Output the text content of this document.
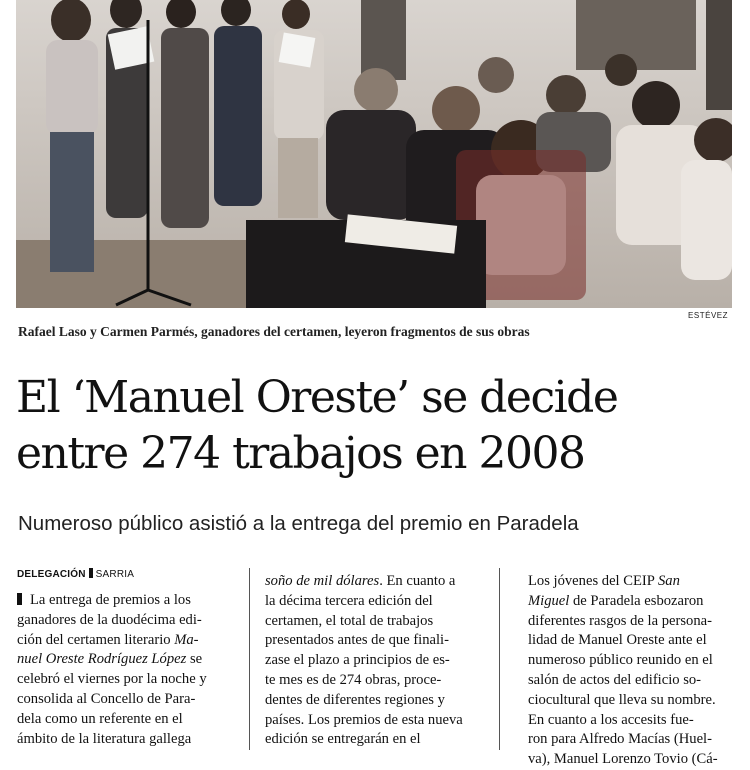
ESTÉVEZ
Rafael Laso y Carmen Parmés, ganadores del certamen, leyeron fragmentos de sus obras
El ‘Manuel Oreste’ se decide
entre 274 trabajos en 2008
Numeroso público asistió a la entrega del premio en Paradela
DELEGACIÓN SARRIA

La entrega de premios a los
ganadores de la duodécima edi-
ción del certamen literario Ma-
nuel Oreste Rodríguez López se
celebró el viernes por la noche y
consolida al Concello de Para-
dela como un referente en el
ámbito de la literatura gallega

soño de mil dólares. En cuanto a
la décima tercera edición del
certamen, el total de trabajos
presentados antes de que finali-
zase el plazo a principios de es-
te mes es de 274 obras, proce-
dentes de diferentes regiones y
países. Los premios de esta nueva
edición se entregarán en el

Los jóvenes del CEIP San
Miguel de Paradela esbozaron
diferentes rasgos de la persona-
lidad de Manuel Oreste ante el
numeroso público reunido en el
salón de actos del edificio so-
ciocultural que lleva su nombre.

En cuanto a los accesits fue-
ron para Alfredo Macías (Huel-
va), Manuel Lorenzo Tovio (Cá-
